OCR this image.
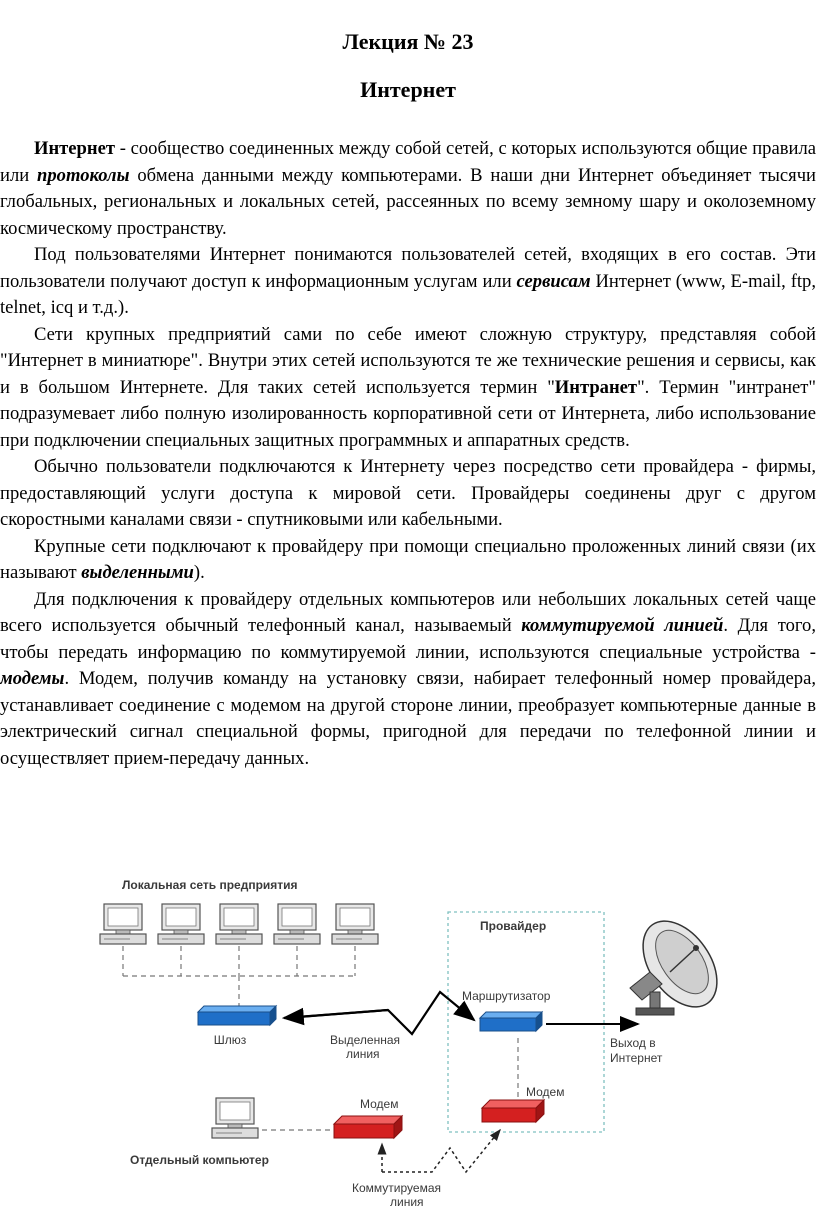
Лекция № 23
Интернет

Интернет - сообщество соединенных между собой сетей, с которых используются общие правила или протоколы обмена данными между компьютерами. В наши дни Интернет объединяет тысячи глобальных, региональных и локальных сетей, рассеянных по всему земному шару и околоземному космическому пространству.

Под пользователями Интернет понимаются пользователей сетей, входящих в его состав. Эти пользователи получают доступ к информационным услугам или сервисам Интернет (www, E-mail, ftp, telnet, icq и т.д.).

Сети крупных предприятий сами по себе имеют сложную структуру, представляя собой "Интернет в миниатюре". Внутри этих сетей используются те же технические решения и сервисы, как и в большом Интернете. Для таких сетей используется термин "Интранет". Термин "интранет" подразумевает либо полную изолированность корпоративной сети от Интернета, либо использование при подключении специальных защитных программных и аппаратных средств.

Обычно пользователи подключаются к Интернету через посредство сети провайдера - фирмы, предоставляющий услуги доступа к мировой сети. Провайдеры соединены друг с другом скоростными каналами связи - спутниковыми или кабельными.

Крупные сети подключают к провайдеру при помощи специально проложенных линий связи (их называют выделенными).

Для подключения к провайдеру отдельных компьютеров или небольших локальных сетей чаще всего используется обычный телефонный канал, называемый коммутируемой линией. Для того, чтобы передать информацию по коммутируемой линии, используются специальные устройства - модемы. Модем, получив команду на установку связи, набирает телефонный номер провайдера, устанавливает соединение с модемом на другой стороне линии, преобразует компьютерные данные в электрический сигнал специальной формы, пригодной для передачи по телефонной линии и осуществляет прием-передачу данных.

Локальная сеть предприятия
Шлюз
Провайдер
Маршрутизатор
Выделенная
линия
Выход в
Интернет
Модем
Модем
Отдельный компьютер
Коммутируемая
линия
